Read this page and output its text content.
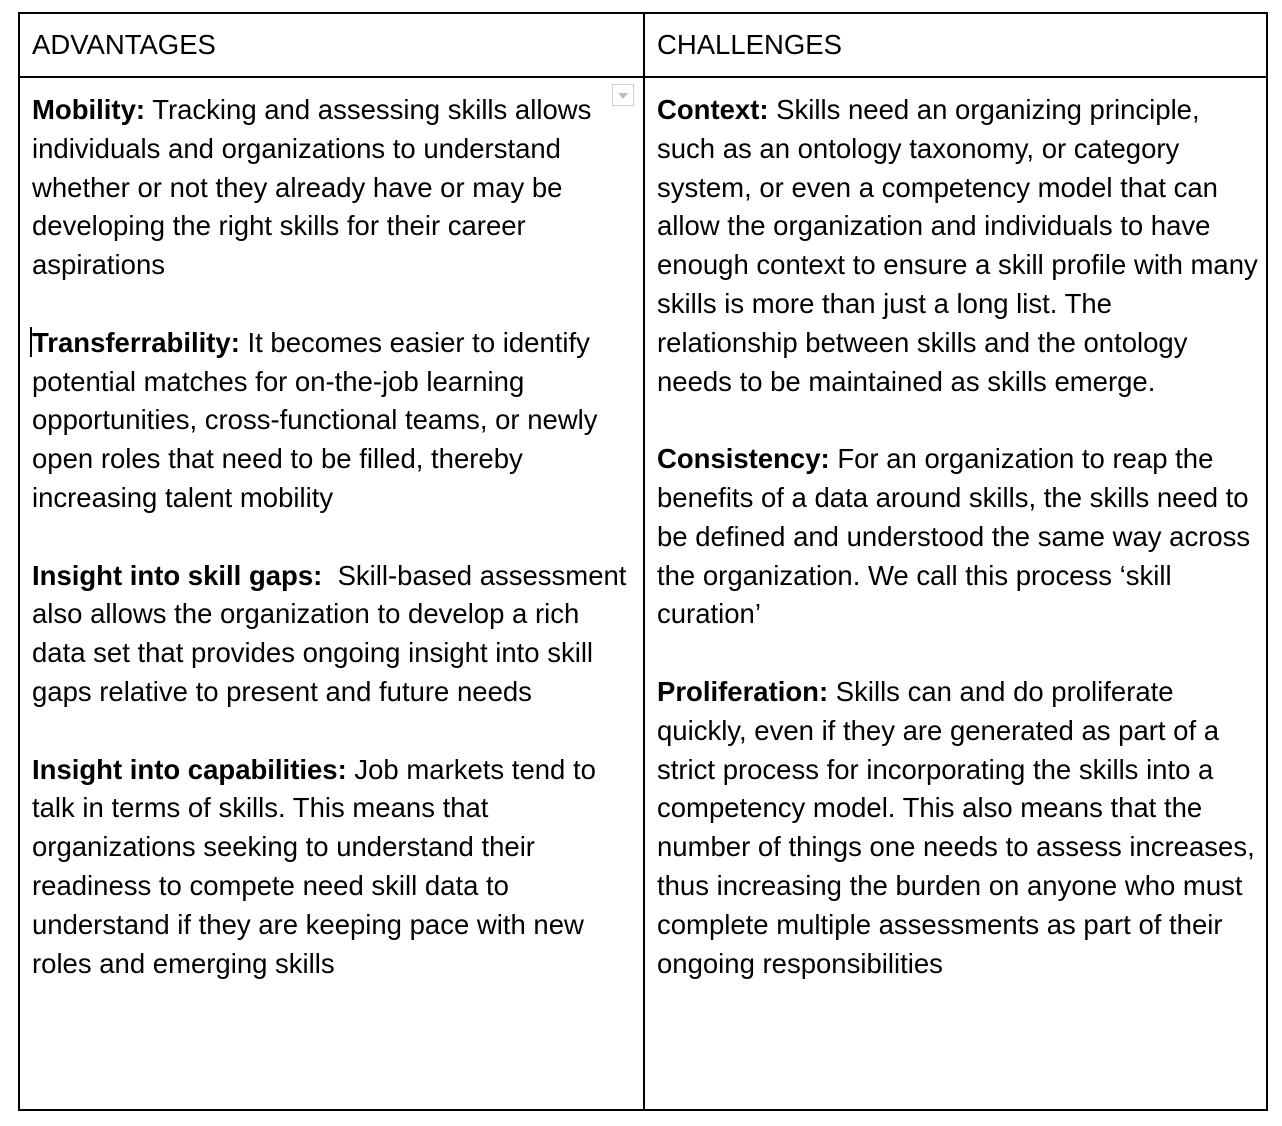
ADVANTAGES	CHALLENGES

Mobility: Tracking and assessing skills allows individuals and organizations to understand whether or not they already have or may be developing the right skills for their career aspirations

Transferrability: It becomes easier to identify potential matches for on-the-job learning opportunities, cross-functional teams, or newly open roles that need to be filled, thereby increasing talent mobility

Insight into skill gaps:  Skill-based assessment also allows the organization to develop a rich data set that provides ongoing insight into skill gaps relative to present and future needs

Insight into capabilities: Job markets tend to talk in terms of skills. This means that organizations seeking to understand their readiness to compete need skill data to understand if they are keeping pace with new roles and emerging skills

Context: Skills need an organizing principle, such as an ontology taxonomy, or category system, or even a competency model that can allow the organization and individuals to have enough context to ensure a skill profile with many skills is more than just a long list. The relationship between skills and the ontology needs to be maintained as skills emerge.

Consistency: For an organization to reap the benefits of a data around skills, the skills need to be defined and understood the same way across the organization. We call this process ‘skill curation’

Proliferation: Skills can and do proliferate quickly, even if they are generated as part of a strict process for incorporating the skills into a competency model. This also means that the number of things one needs to assess increases, thus increasing the burden on anyone who must complete multiple assessments as part of their ongoing responsibilities
